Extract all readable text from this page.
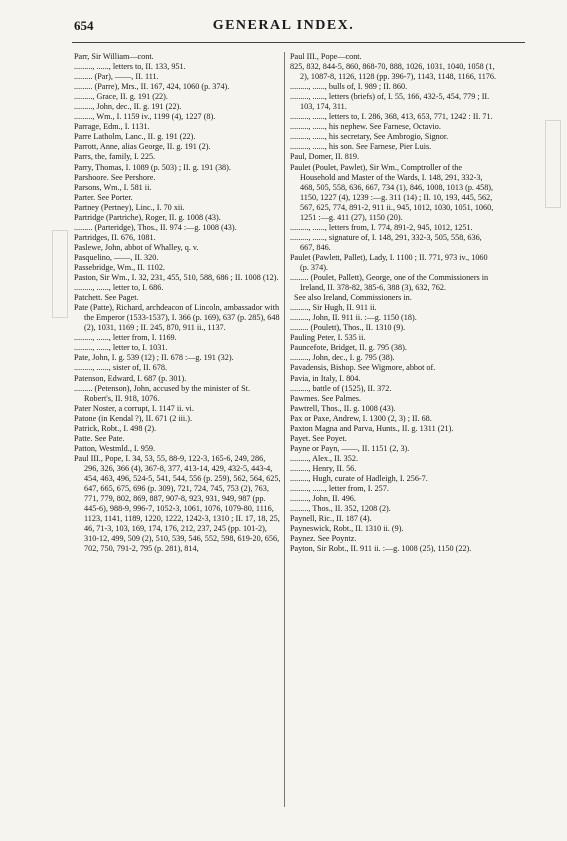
654	GENERAL INDEX.

Parr, Sir William—cont.

........., ......, letters to, II. 133, 951.

......... (Par), ——, II. 111.

......... (Parre), Mrs., II. 167, 424, 1060 (p. 374).

........., Grace, II. g. 191 (22).

........., John, dec., II. g. 191 (22).

........., Wm., I. 1159 iv., 1199 (4), 1227 (8).

Parrage, Edm., I. 1131.

Parre Latholm, Lanc., II. g. 191 (22).

Parrott, Anne, alias George, II. g. 191 (2).

Parrs, the, family, I. 225.

Parry, Thomas, I. 1089 (p. 503) ; II. g. 191 (38).

Parshoore. See Pershore.

Parsons, Wm., I. 581 ii.

Parter. See Porter.

Partney (Pertney), Linc., I. 70 xii.

Partridge (Partriche), Roger, II. g. 1008 (43).

......... (Parteridge), Thos., II. 974 :—g. 1008 (43).

Partridges, II. 676, 1081.

Paslewe, John, abbot of Whalley, q. v.

Pasquelino, ——, II. 320.

Passebridge, Wm., II. 1102.

Paston, Sir Wm., I. 32, 231, 455, 510, 588, 686 ; II. 1008 (12).

........., ......, letter to, I. 686.

Patchett. See Paget.

Pate (Patte), Richard, archdeacon of Lincoln, ambassador with the Emperor (1533-1537), I. 366 (p. 169), 637 (p. 285), 648 (2), 1031, 1169 ; II. 245, 870, 911 ii., 1137.

........., ......, letter from, I. 1169.

........., ......, letter to, I. 1031.

Pate, John, I. g. 539 (12) ; II. 678 :—g. 191 (32).

........., ......, sister of, II. 678.

Patenson, Edward, I. 687 (p. 301).

......... (Petenson), John, accused by the minister of St. Robert's, II. 918, 1076.

Pater Noster, a corrupt, I. 1147 ii. vi.

Patone (in Kendal ?), II. 671 (2 iii.).

Patrick, Robt., I. 498 (2).

Patte. See Pate.

Patton, Westmld., I. 959.

Paul III., Pope, I. 34, 53, 55, 88-9, 122-3, 165-6, 249, 286, 296, 326, 366 (4), 367-8, 377, 413-14, 429, 432-5, 443-4, 454, 463, 496, 524-5, 541, 544, 556 (p. 259), 562, 564, 625, 647, 665, 675, 696 (p. 309), 721, 724, 745, 753 (2), 763, 771, 779, 802, 869, 887, 907-8, 923, 931, 949, 987 (pp. 445-6), 988-9, 996-7, 1052-3, 1061, 1076, 1079-80, 1116, 1123, 1141, 1189, 1220, 1222, 1242-3, 1310 ; II. 17, 18, 25, 46, 71-3, 103, 169, 174, 176, 212, 237, 245 (pp. 101-2), 310-12, 499, 509 (2), 510, 539, 546, 552, 598, 619-20, 656, 702, 750, 791-2, 795 (p. 281), 814,

Paul III., Pope—cont.

825, 832, 844-5, 860, 868-70, 888, 1026, 1031, 1040, 1058 (1, 2), 1087-8, 1126, 1128 (pp. 396-7), 1143, 1148, 1166, 1176.

........., ......, bulls of, I. 989 ; II. 860.

........., ......, letters (briefs) of, I. 55, 166, 432-5, 454, 779 ; II. 103, 174, 311.

........., ......, letters to, I. 286, 368, 413, 653, 771, 1242 : II. 71.

........., ......, his nephew. See Farnese, Octavio.

........., ......, his secretary, See Ambrogio, Signor.

........., ......, his son. See Farnese, Pier Luis.

Paul, Domer, II. 819.

Paulet (Poulet, Pawlet), Sir Wm., Comptroller of the Household and Master of the Wards, I. 148, 291, 332-3, 468, 505, 558, 636, 667, 734 (1), 846, 1008, 1013 (p. 458), 1150, 1227 (4), 1239 :—g. 311 (14) ; II. 10, 193, 445, 562, 567, 625, 774, 891-2, 911 ii., 945, 1012, 1030, 1051, 1060, 1251 :—g. 411 (27), 1150 (20).

........., ......, letters from, I. 774, 891-2, 945, 1012, 1251.

........., ......, signature of, I. 148, 291, 332-3, 505, 558, 636, 667, 846.

Paulet (Pawlett, Pallet), Lady, I. 1100 ; II. 771, 973 iv., 1060 (p. 374).

......... (Poulet, Pallett), George, one of the Commissioners in Ireland, II. 378-82, 385-6, 388 (3), 632, 762.

See also Ireland, Commissioners in.

........., Sir Hugh, II. 911 ii.

........., John, II. 911 ii. :—g. 1150 (18).

......... (Poulett), Thos., II. 1310 (9).

Pauling Peter, I. 535 ii.

Pauncefote, Bridget, II. g. 795 (38).

........., John, dec., I. g. 795 (38).

Pavadensis, Bishop. See Wigmore, abbot of.

Pavia, in Italy, I. 804.

........., battle of (1525), II. 372.

Pawmes. See Palmes.

Pawtrell, Thos., II. g. 1008 (43).

Pax or Paxe, Andrew, I. 1300 (2, 3) ; II. 68.

Paxton Magna and Parva, Hunts., II. g. 1311 (21).

Payet. See Poyet.

Payne or Payn, ——, II. 1151 (2, 3).

........., Alex., II. 352.

........., Henry, II. 56.

........., Hugh, curate of Hadleigh, I. 256-7.

........., ......, letter from, I. 257.

........., John, II. 496.

........., Thos., II. 352, 1208 (2).

Paynell, Ric., II. 187 (4).

Payneswick, Robt., II. 1310 ii. (9).

Paynez. See Poyntz.

Payton, Sir Robt., II. 911 ii. :—g. 1008 (25), 1150 (22).
